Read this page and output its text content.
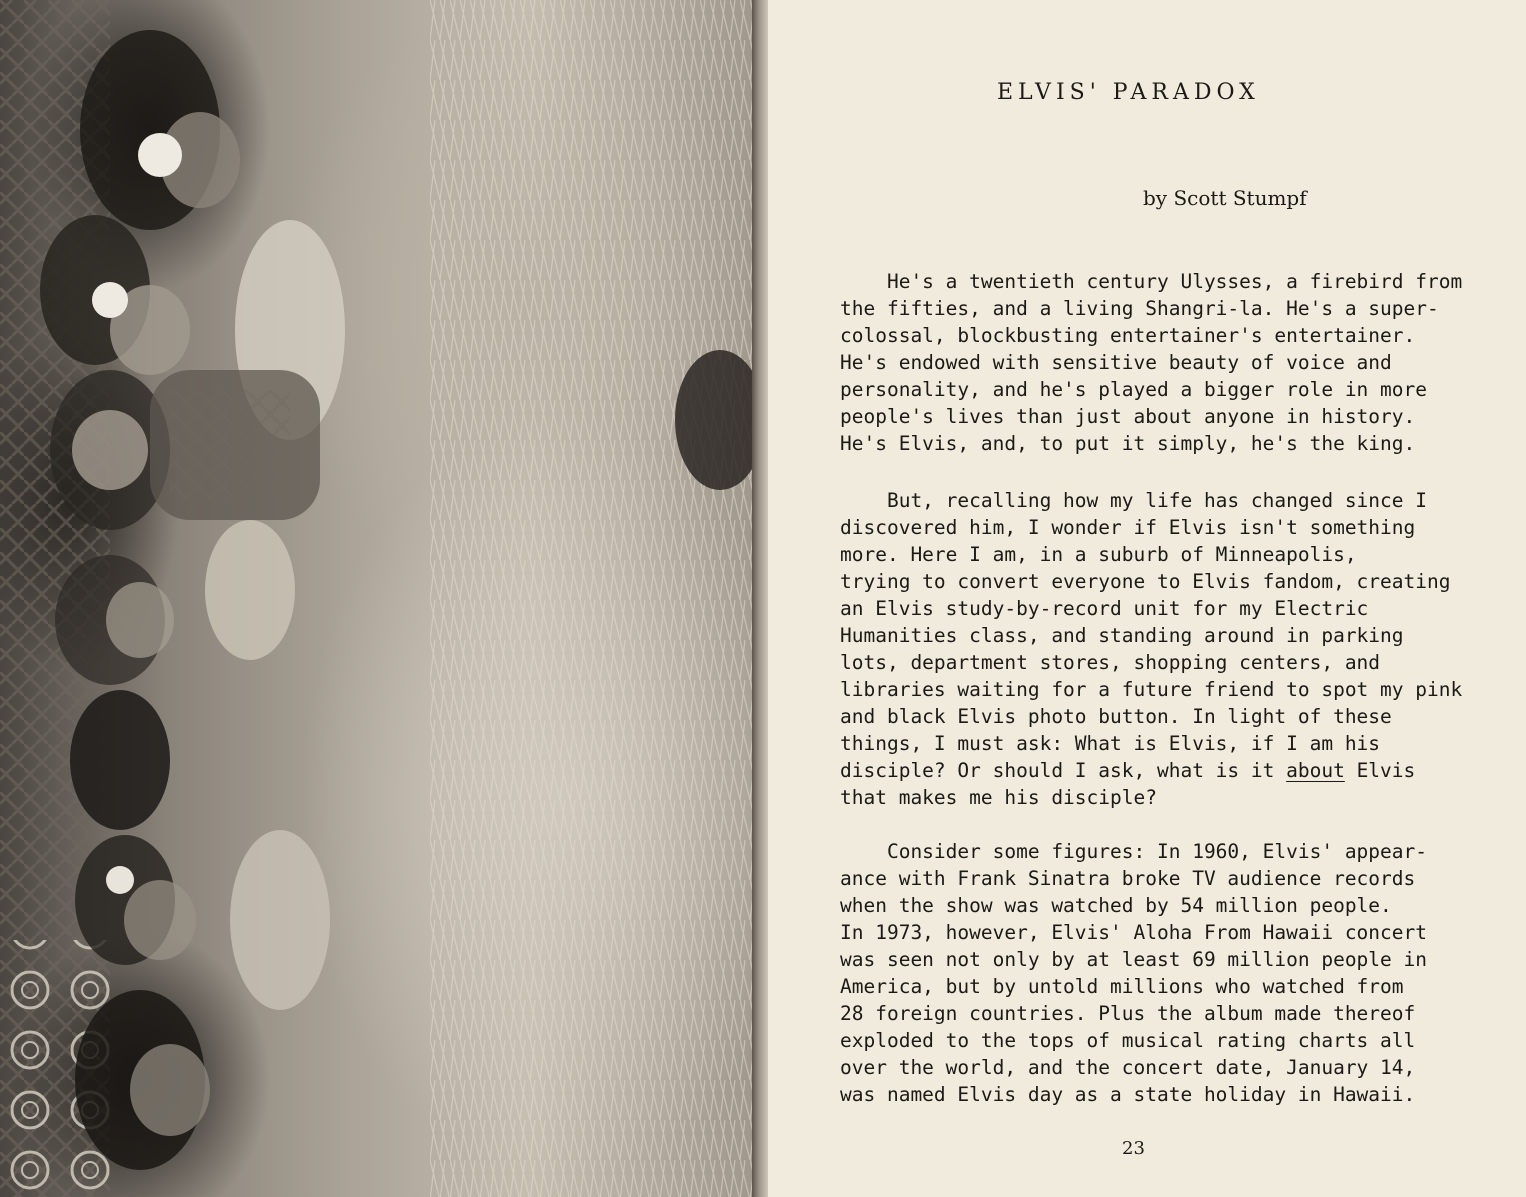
ELVIS' PARADOX

by Scott Stumpf

He's a twentieth century Ulysses, a firebird from
the fifties, and a living Shangri-la. He's a super-
colossal, blockbusting entertainer's entertainer.
He's endowed with sensitive beauty of voice and
personality, and he's played a bigger role in more
people's lives than just about anyone in history.
He's Elvis, and, to put it simply, he's the king.

But, recalling how my life has changed since I
discovered him, I wonder if Elvis isn't something
more. Here I am, in a suburb of Minneapolis,
trying to convert everyone to Elvis fandom, creating
an Elvis study-by-record unit for my Electric
Humanities class, and standing around in parking
lots, department stores, shopping centers, and
libraries waiting for a future friend to spot my pink
and black Elvis photo button. In light of these
things, I must ask: What is Elvis, if I am his
disciple? Or should I ask, what is it about Elvis
that makes me his disciple?

Consider some figures: In 1960, Elvis' appear-
ance with Frank Sinatra broke TV audience records
when the show was watched by 54 million people.
In 1973, however, Elvis' Aloha From Hawaii concert
was seen not only by at least 69 million people in
America, but by untold millions who watched from
28 foreign countries. Plus the album made thereof
exploded to the tops of musical rating charts all
over the world, and the concert date, January 14,
was named Elvis day as a state holiday in Hawaii.

23
